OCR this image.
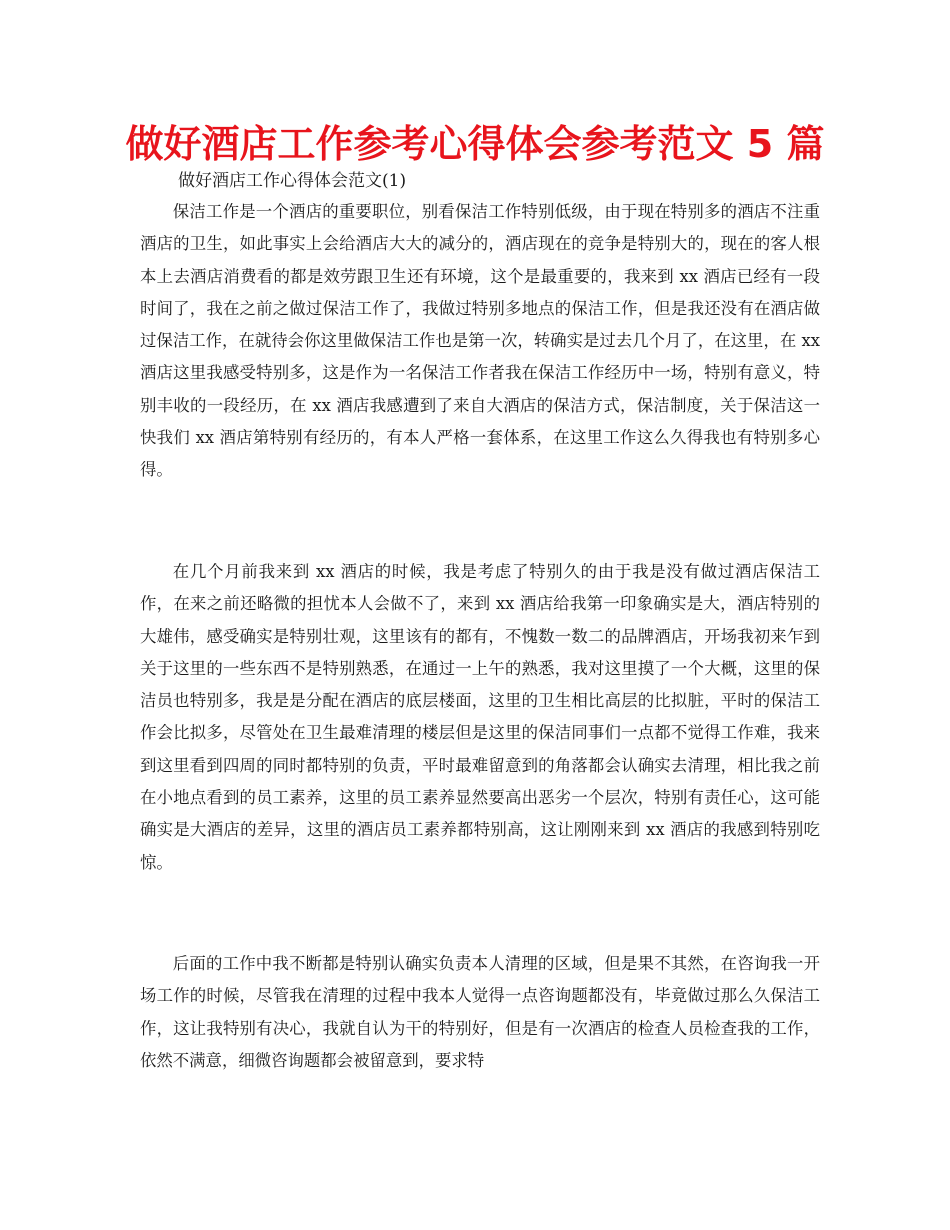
做好酒店工作参考心得体会参考范文 5 篇
做好酒店工作心得体会范文(1)

保洁工作是一个酒店的重要职位，别看保洁工作特别低级，由于现在特别多的酒店不注重酒店的卫生，如此事实上会给酒店大大的减分的，酒店现在的竞争是特别大的，现在的客人根本上去酒店消费看的都是效劳跟卫生还有环境，这个是最重要的，我来到 xx 酒店已经有一段时间了，我在之前之做过保洁工作了，我做过特别多地点的保洁工作，但是我还没有在酒店做过保洁工作，在就待会你这里做保洁工作也是第一次，转确实是过去几个月了，在这里，在 xx 酒店这里我感受特别多，这是作为一名保洁工作者我在保洁工作经历中一场，特别有意义，特别丰收的一段经历，在 xx 酒店我感遭到了来自大酒店的保洁方式，保洁制度，关于保洁这一快我们 xx 酒店第特别有经历的，有本人严格一套体系，在这里工作这么久得我也有特别多心得。

在几个月前我来到 xx 酒店的时候，我是考虑了特别久的由于我是没有做过酒店保洁工作，在来之前还略微的担忧本人会做不了，来到 xx 酒店给我第一印象确实是大，酒店特别的大雄伟，感受确实是特别壮观，这里该有的都有，不愧数一数二的品牌酒店，开场我初来乍到关于这里的一些东西不是特别熟悉，在通过一上午的熟悉，我对这里摸了一个大概，这里的保洁员也特别多，我是是分配在酒店的底层楼面，这里的卫生相比高层的比拟脏，平时的保洁工作会比拟多，尽管处在卫生最难清理的楼层但是这里的保洁同事们一点都不觉得工作难，我来到这里看到四周的同时都特别的负责，平时最难留意到的角落都会认确实去清理，相比我之前在小地点看到的员工素养，这里的员工素养显然要高出恶劣一个层次，特别有责任心，这可能确实是大酒店的差异，这里的酒店员工素养都特别高，这让刚刚来到 xx 酒店的我感到特别吃惊。

后面的工作中我不断都是特别认确实负责本人清理的区域，但是果不其然，在咨询我一开场工作的时候，尽管我在清理的过程中我本人觉得一点咨询题都没有，毕竟做过那么久保洁工作，这让我特别有决心，我就自认为干的特别好，但是有一次酒店的检查人员检查我的工作，依然不满意，细微咨询题都会被留意到，要求特
